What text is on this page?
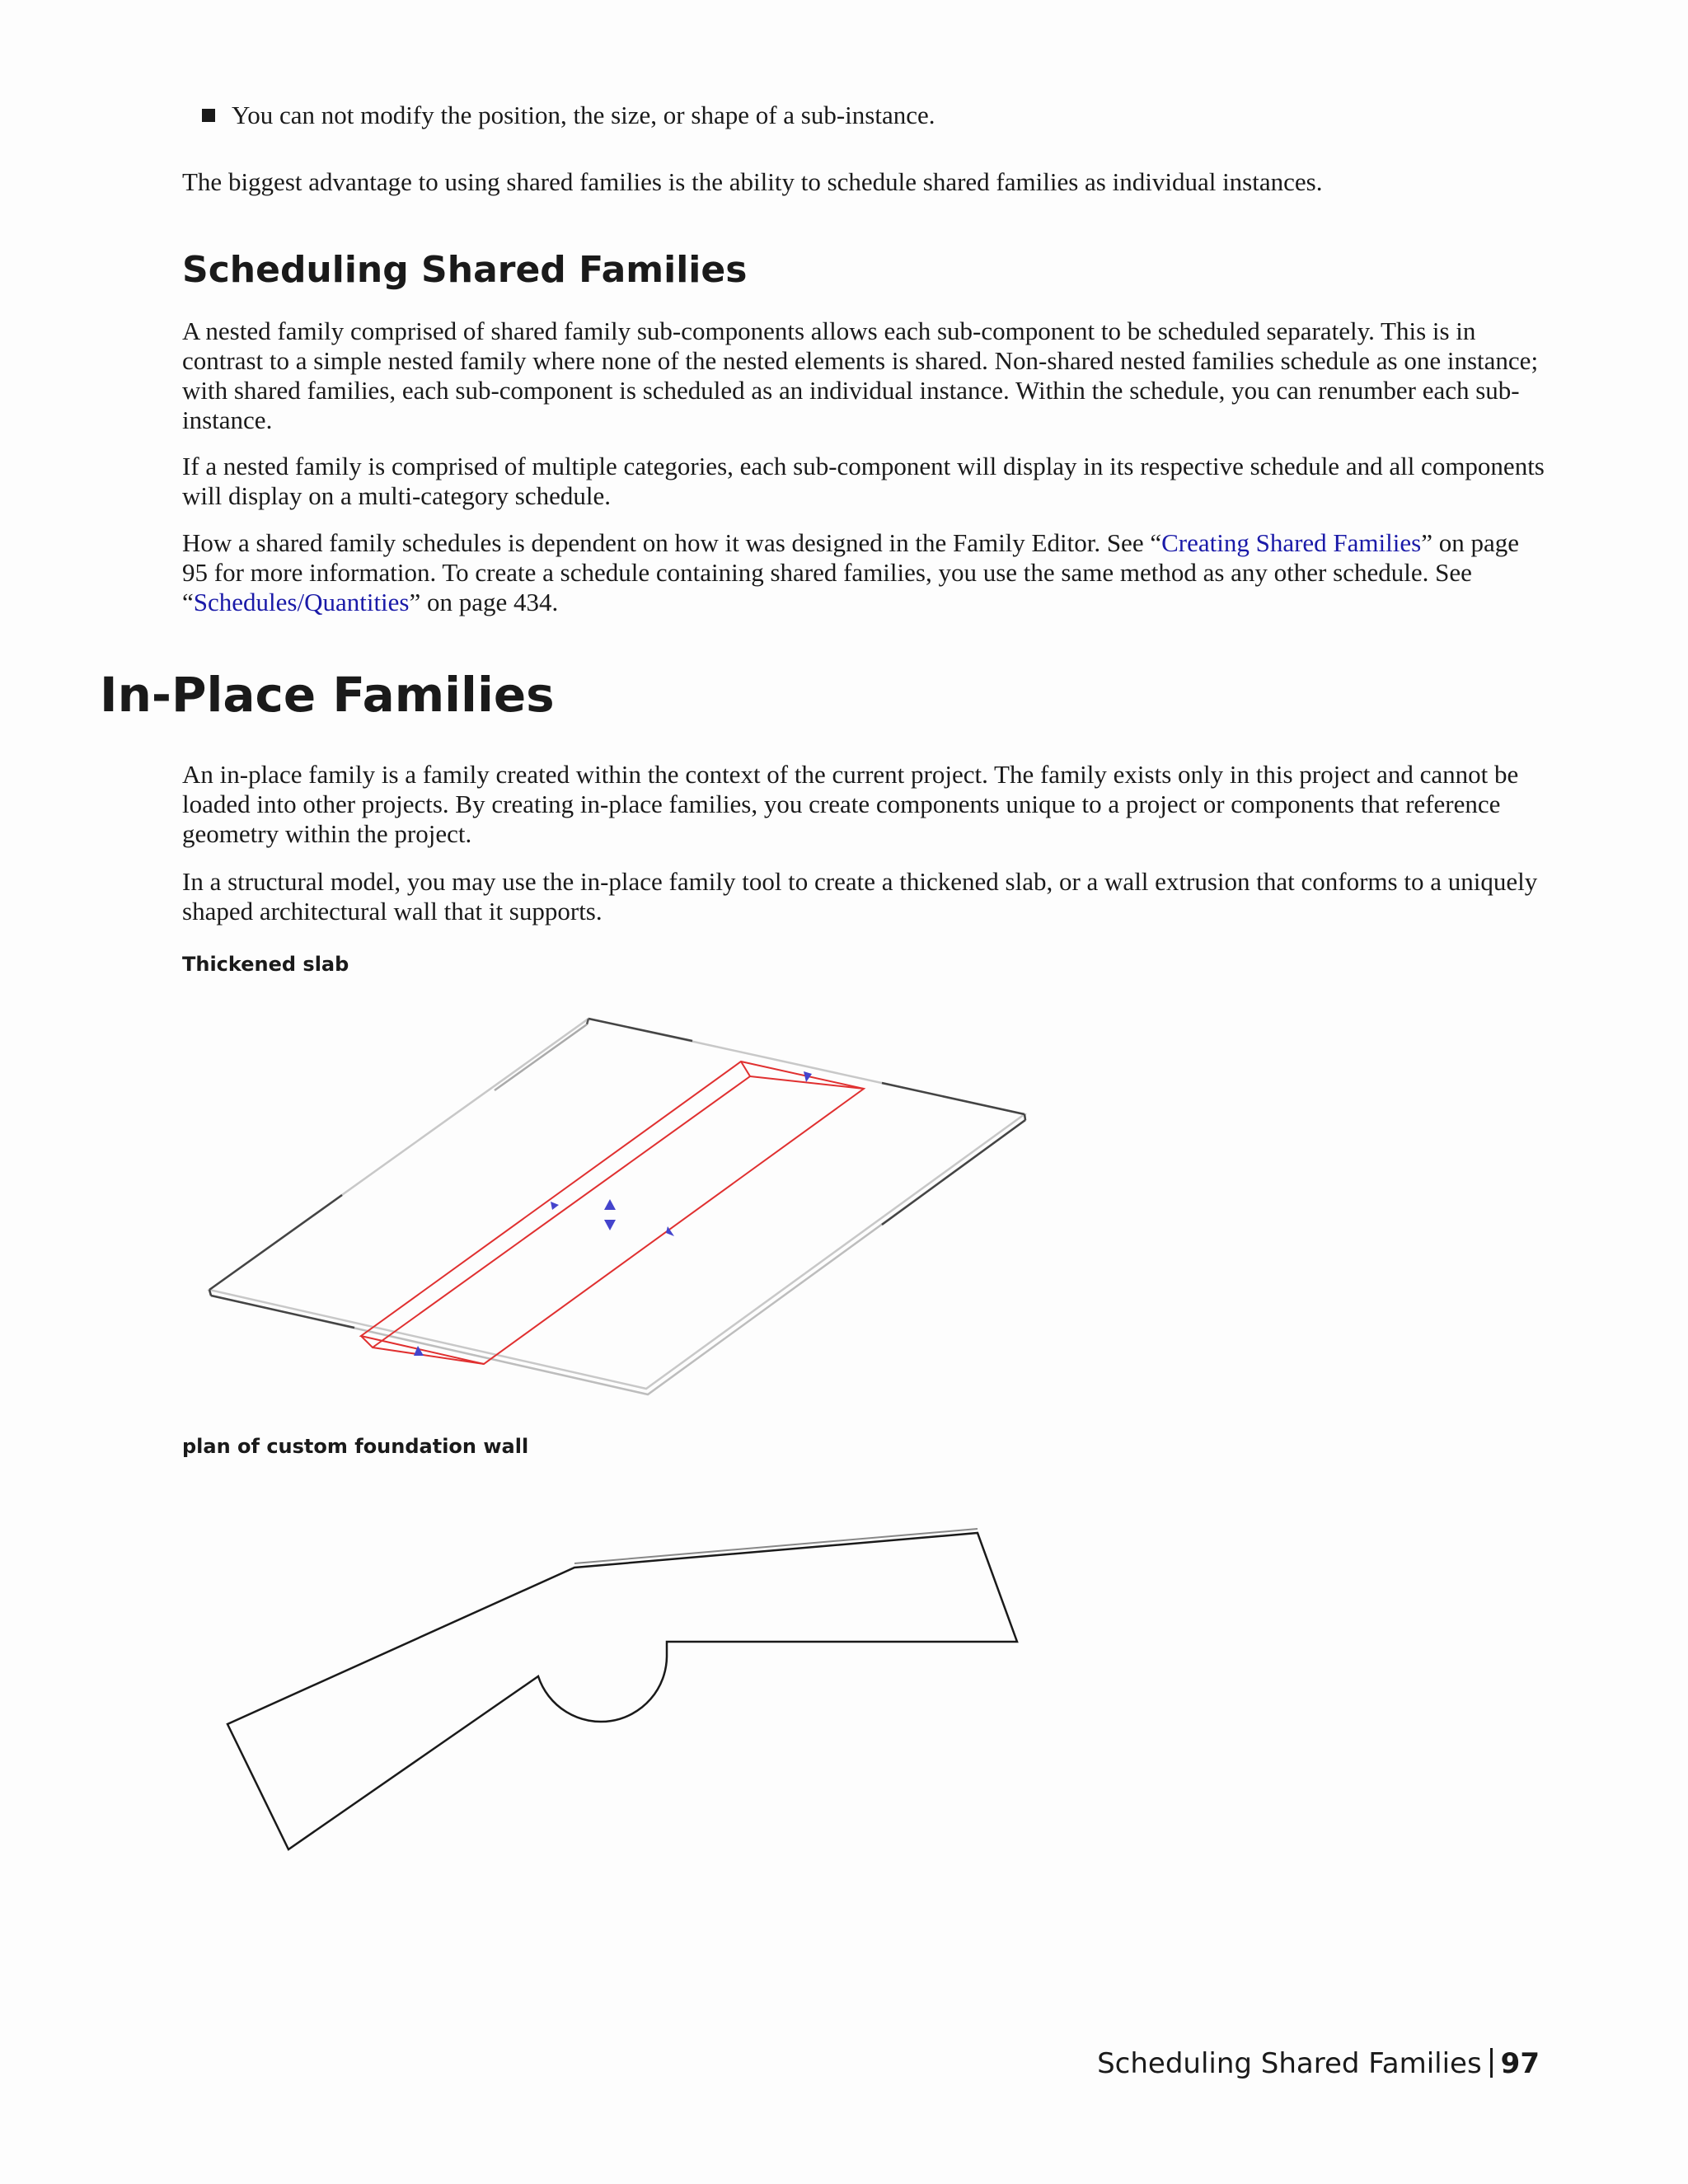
You can not modify the position, the size, or shape of a sub-instance.

The biggest advantage to using shared families is the ability to schedule shared families as individual instances.

Scheduling Shared Families

A nested family comprised of shared family sub-components allows each sub-component to be scheduled separately. This is in contrast to a simple nested family where none of the nested elements is shared. Non-shared nested families schedule as one instance; with shared families, each sub-component is scheduled as an individual instance. Within the schedule, you can renumber each sub-instance.

If a nested family is comprised of multiple categories, each sub-component will display in its respective schedule and all components will display on a multi-category schedule.

How a shared family schedules is dependent on how it was designed in the Family Editor. See “Creating Shared Families” on page 95 for more information. To create a schedule containing shared families, you use the same method as any other schedule. See “Schedules/Quantities” on page 434.

In-Place Families

An in-place family is a family created within the context of the current project. The family exists only in this project and cannot be loaded into other projects. By creating in-place families, you create components unique to a project or components that reference geometry within the project.

In a structural model, you may use the in-place family tool to create a thickened slab, or a wall extrusion that conforms to a uniquely shaped architectural wall that it supports.

Thickened slab

plan of custom foundation wall

Scheduling Shared Families 97
